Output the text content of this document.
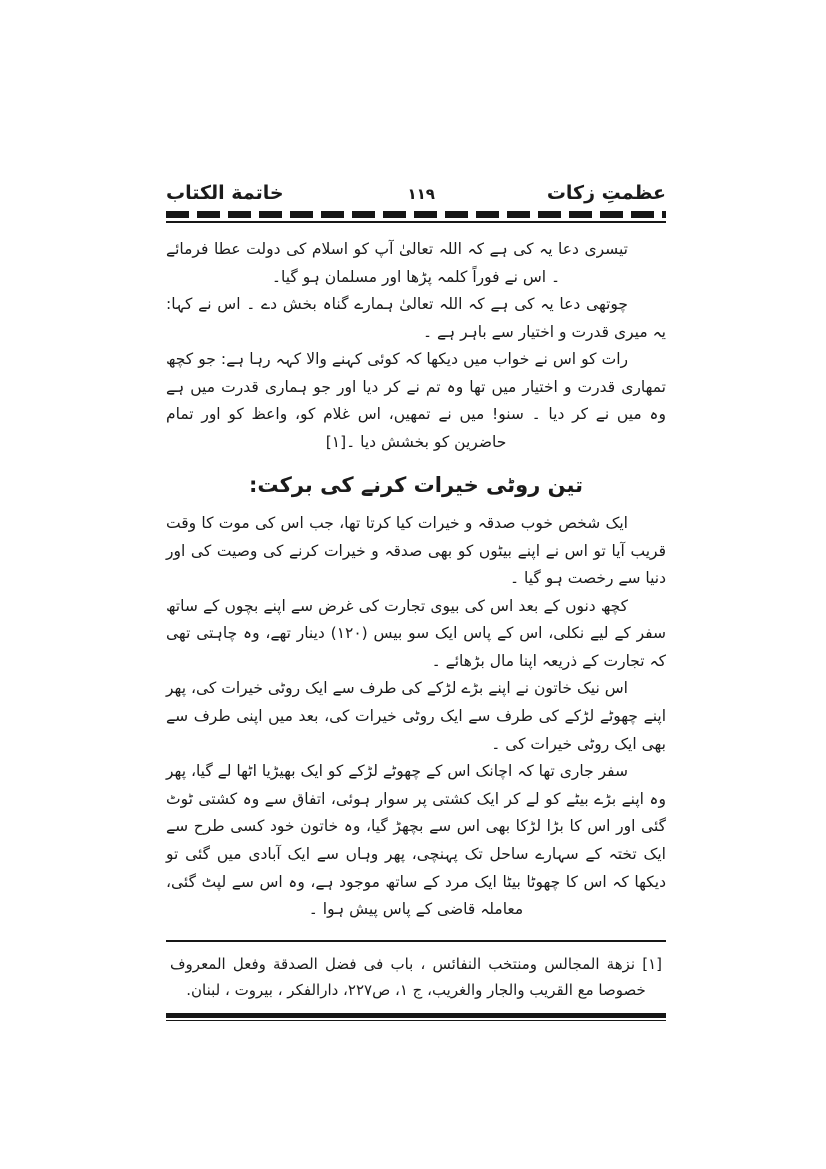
عظمتِ زکات
۱۱۹
خاتمة الکتاب

تیسری دعا یہ کی ہے کہ اللہ تعالیٰ آپ کو اسلام کی دولت عطا فرمائے ۔ اس نے فوراً کلمہ پڑھا اور مسلمان ہو گیا۔

چوتھی دعا یہ کی ہے کہ اللہ تعالیٰ ہمارے گناہ بخش دے ۔ اس نے کہا: یہ میری قدرت و اختیار سے باہر ہے ۔

رات کو اس نے خواب میں دیکھا کہ کوئی کہنے والا کہہ رہا ہے: جو کچھ تمھاری قدرت و اختیار میں تھا وہ تم نے کر دیا اور جو ہماری قدرت میں ہے وہ میں نے کر دیا ۔ سنو! میں نے تمھیں، اس غلام کو، واعظ کو اور تمام حاضرین کو بخشش دیا ۔[۱]

تین روٹی خیرات کرنے کی برکت:

ایک شخص خوب صدقہ و خیرات کیا کرتا تھا، جب اس کی موت کا وقت قریب آیا تو اس نے اپنے بیٹوں کو بھی صدقہ و خیرات کرنے کی وصیت کی اور دنیا سے رخصت ہو گیا ۔

کچھ دنوں کے بعد اس کی بیوی تجارت کی غرض سے اپنے بچوں کے ساتھ سفر کے لیے نکلی، اس کے پاس ایک سو بیس (۱۲۰) دینار تھے، وہ چاہتی تھی کہ تجارت کے ذریعہ اپنا مال بڑھائے ۔

اس نیک خاتون نے اپنے بڑے لڑکے کی طرف سے ایک روٹی خیرات کی، پھر اپنے چھوٹے لڑکے کی طرف سے ایک روٹی خیرات کی، بعد میں اپنی طرف سے بھی ایک روٹی خیرات کی ۔

سفر جاری تھا کہ اچانک اس کے چھوٹے لڑکے کو ایک بھیڑیا اٹھا لے گیا، پھر وہ اپنے بڑے بیٹے کو لے کر ایک کشتی پر سوار ہوئی، اتفاق سے وہ کشتی ٹوٹ گئی اور اس کا بڑا لڑکا بھی اس سے بچھڑ گیا، وہ خاتون خود کسی طرح سے ایک تختہ کے سہارے ساحل تک پہنچی، پھر وہاں سے ایک آبادی میں گئی تو دیکھا کہ اس کا چھوٹا بیٹا ایک مرد کے ساتھ موجود ہے، وہ اس سے لپٹ گئی، معاملہ قاضی کے پاس پیش ہوا ۔

[۱] نزهة المجالس ومنتخب النفائس ، باب فى فضل الصدقة وفعل المعروف خصوصا مع القريب والجار والغريب، ج ۱، ص۲۲۷، دارالفكر ، بيروت ، لبنان.
